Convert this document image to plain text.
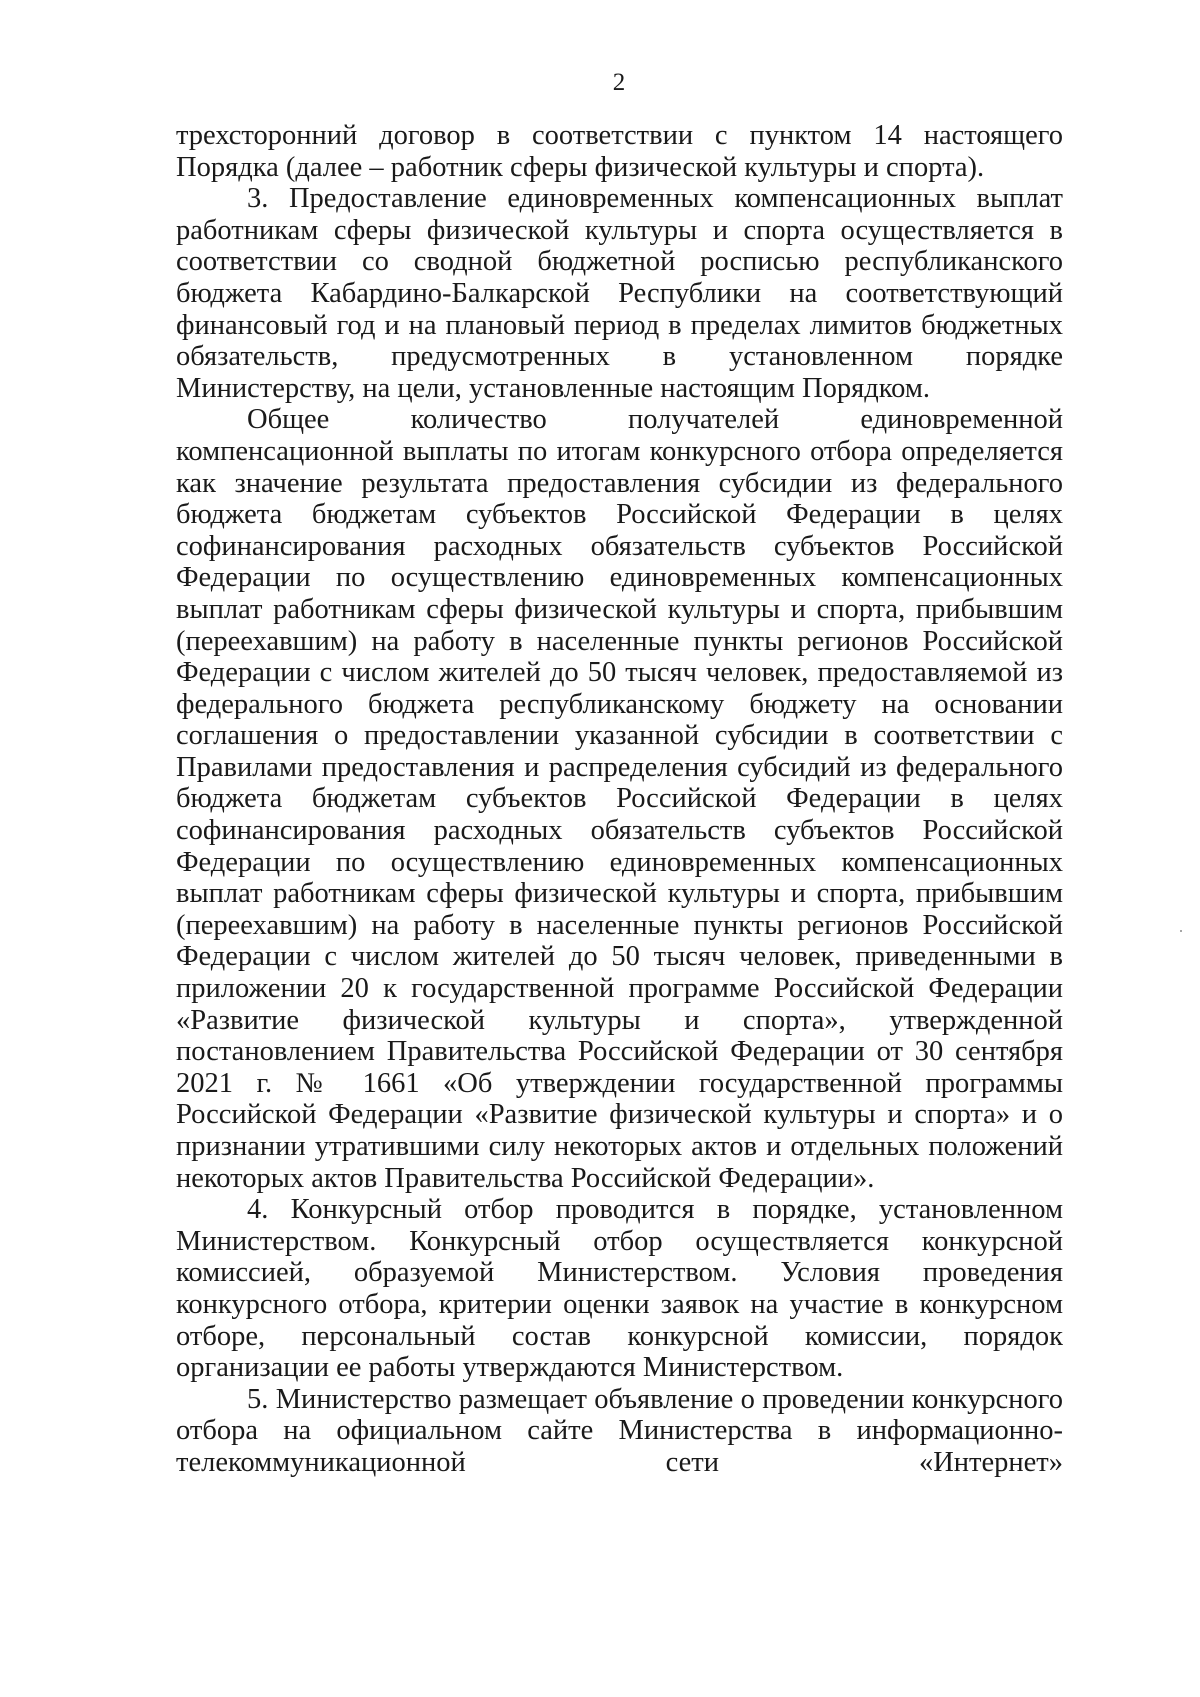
2

трехсторонний договор в соответствии с пунктом 14 настоящего Порядка (далее – работник сферы физической культуры и спорта).

3. Предоставление единовременных компенсационных выплат работникам сферы физической культуры и спорта осуществляется в соответствии со сводной бюджетной росписью республиканского бюджета Кабардино-Балкарской Республики на соответствующий финансовый год и на плановый период в пределах лимитов бюджетных обязательств, предусмотренных в установленном порядке Министерству, на цели, установленные настоящим Порядком.

Общее количество получателей единовременной компенсационной выплаты по итогам конкурсного отбора определяется как значение результата предоставления субсидии из федерального бюджета бюджетам субъектов Российской Федерации в целях софинансирования расходных обязательств субъектов Российской Федерации по осуществлению единовременных компенсационных выплат работникам сферы физической культуры и спорта, прибывшим (переехавшим) на работу в населенные пункты регионов Российской Федерации с числом жителей до 50 тысяч человек, предоставляемой из федерального бюджета республиканскому бюджету на основании соглашения о предоставлении указанной субсидии в соответствии с Правилами предоставления и распределения субсидий из федерального бюджета бюджетам субъектов Российской Федерации в целях софинансирования расходных обязательств субъектов Российской Федерации по осуществлению единовременных компенсационных выплат работникам сферы физической культуры и спорта, прибывшим (переехавшим) на работу в населенные пункты регионов Российской Федерации с числом жителей до 50 тысяч человек, приведенными в приложении 20 к государственной программе Российской Федерации «Развитие физической культуры и спорта», утвержденной постановлением Правительства Российской Федерации от 30 сентября 2021 г. № 1661 «Об утверждении государственной программы Российской Федерации «Развитие физической культуры и спорта» и о признании утратившими силу некоторых актов и отдельных положений некоторых актов Правительства Российской Федерации».

4. Конкурсный отбор проводится в порядке, установленном Министерством. Конкурсный отбор осуществляется конкурсной комиссией, образуемой Министерством. Условия проведения конкурсного отбора, критерии оценки заявок на участие в конкурсном отборе, персональный состав конкурсной комиссии, порядок организации ее работы утверждаются Министерством.

5. Министерство размещает объявление о проведении конкурсного отбора на официальном сайте Министерства в информационно-телекоммуникационной сети «Интернет»
